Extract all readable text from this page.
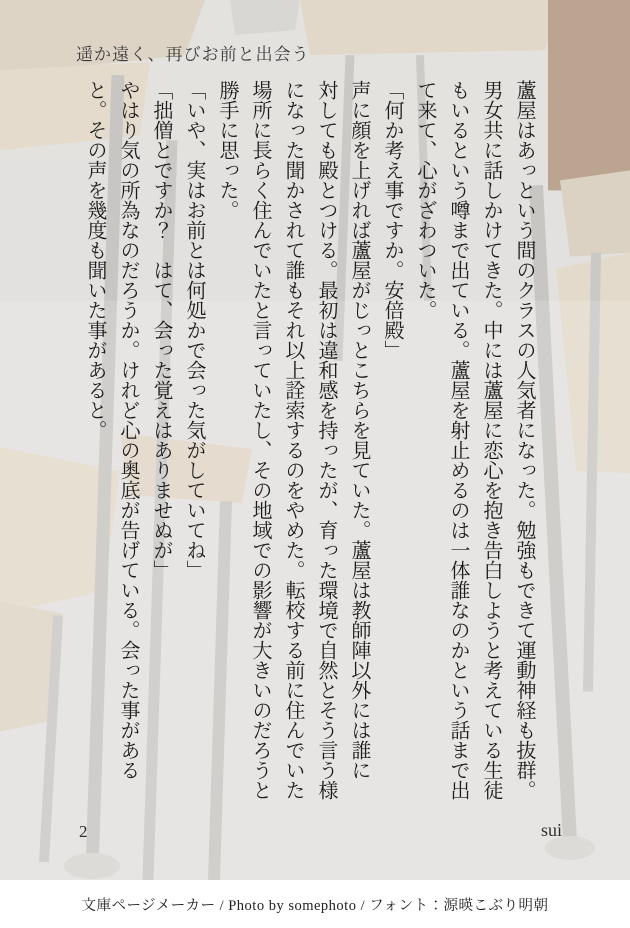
遥か遠く、再びお前と出会う

蘆屋はあっという間のクラスの人気者になった。勉強もできて運動神経も抜群。

男女共に話しかけてきた。中には蘆屋に恋心を抱き告白しようと考えている生徒

もいるという噂まで出ている。蘆屋を射止めるのは一体誰なのかという話まで出

て来て、心がざわついた。

「何か考え事ですか。安倍殿」

声に顔を上げれば蘆屋がじっとこちらを見ていた。蘆屋は教師陣以外には誰に

対しても殿とつける。最初は違和感を持ったが、育った環境で自然とそう言う様

になった聞かされて誰もそれ以上詮索するのをやめた。転校する前に住んでいた

場所に長らく住んでいたと言っていたし、その地域での影響が大きいのだろうと

勝手に思った。

「いや、実はお前とは何処かで会った気がしていてね」

「拙僧とですか？　はて、会った覚えはありませぬが」

やはり気の所為なのだろうか。けれど心の奥底が告げている。会った事がある

と。その声を幾度も聞いた事があると。

2	sui
文庫ページメーカー / Photo by somephoto / フォント：源暎こぶり明朝
